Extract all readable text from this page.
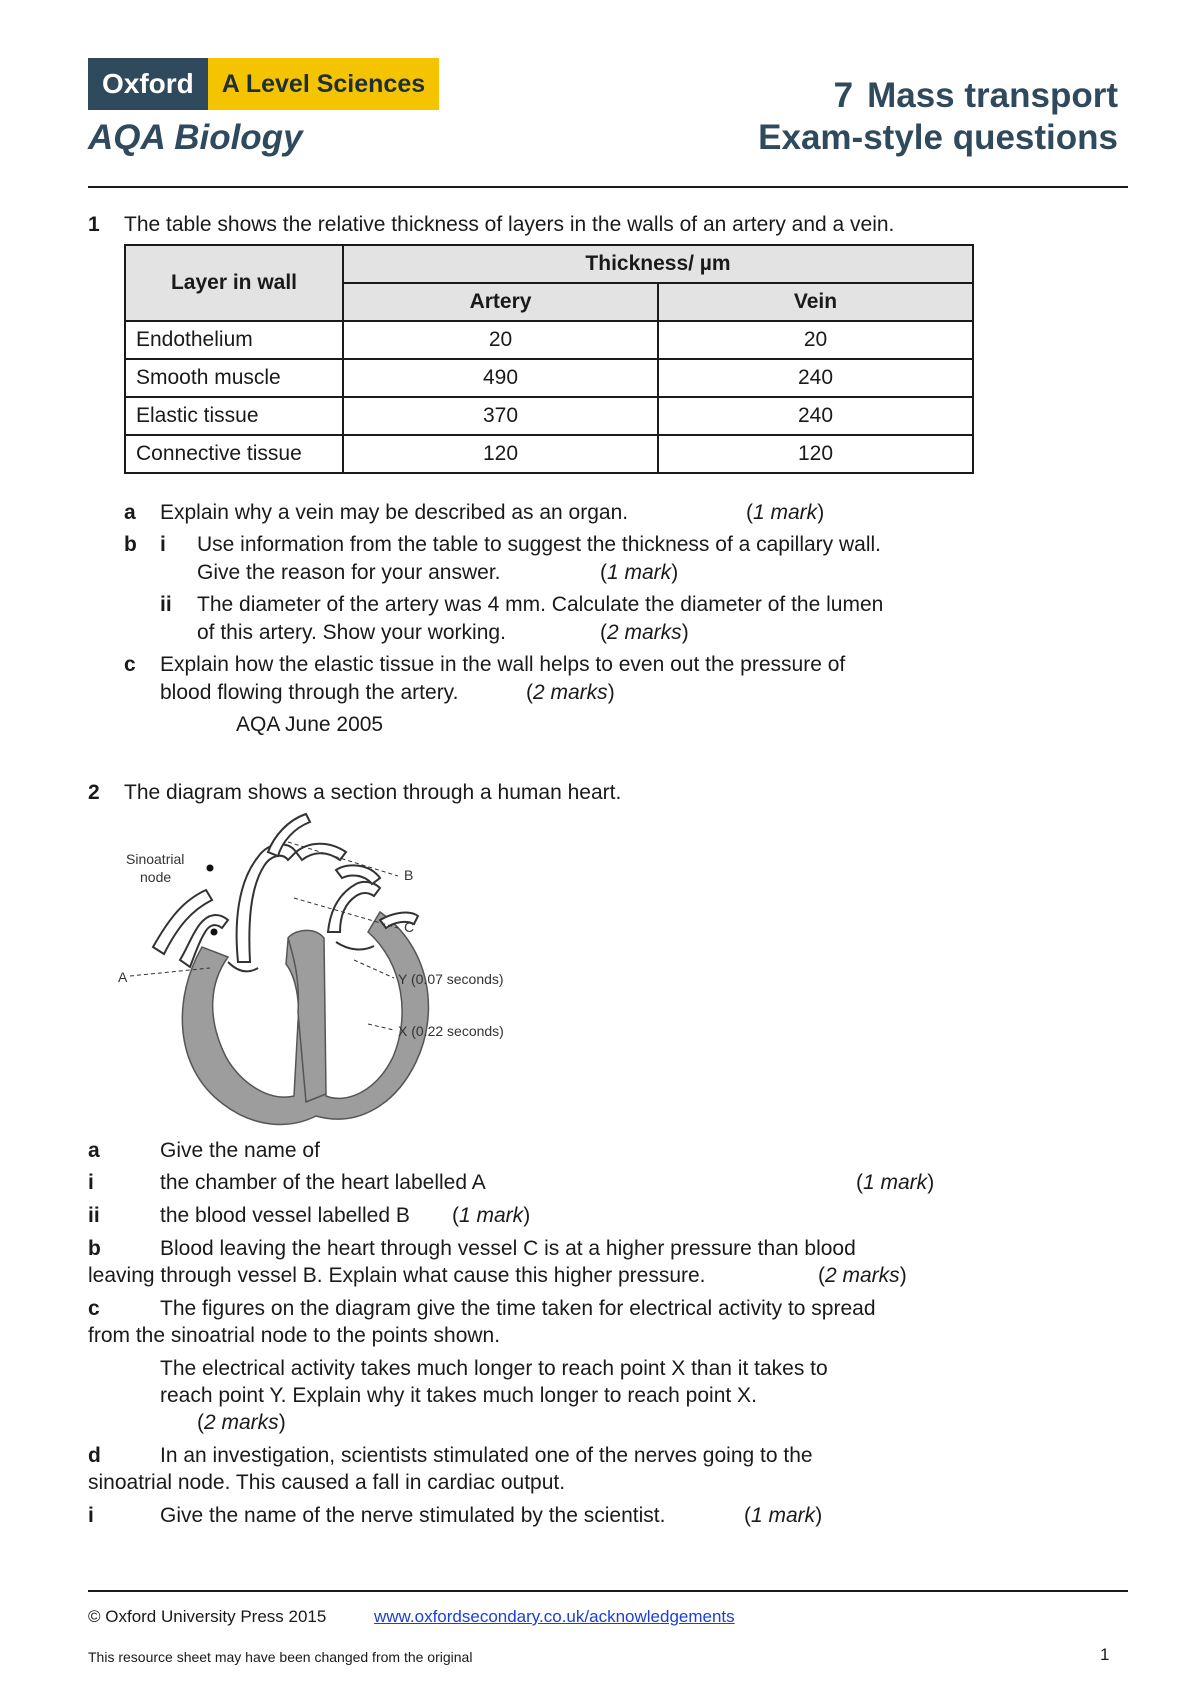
Oxford	A Level Sciences
AQA Biology
7 Mass transport
Exam-style questions
1 The table shows the relative thickness of layers in the walls of an artery and a vein.
Layer in wall	Thickness/ µm	
	Artery	Vein
Endothelium	20	20
Smooth muscle	490	240
Elastic tissue	370	240
Connective tissue	120	120
a Explain why a vein may be described as an organ.	(1 mark)
b i Use information from the table to suggest the thickness of a capillary wall.
Give the reason for your answer.	(1 mark)
ii The diameter of the artery was 4 mm. Calculate the diameter of the lumen
of this artery. Show your working.	(2 marks)
c Explain how the elastic tissue in the wall helps to even out the pressure of
blood flowing through the artery.	(2 marks)
AQA June 2005
2 The diagram shows a section through a human heart.
Sinoatrial
node
A
B
C
Y (0.07 seconds)
X (0.22 seconds)
a	Give the name of
i	the chamber of the heart labelled A	(1 mark)
ii	the blood vessel labelled B (1 mark)
b	Blood leaving the heart through vessel C is at a higher pressure than blood
leaving through vessel B. Explain what cause this higher pressure.	(2 marks)
c	The figures on the diagram give the time taken for electrical activity to spread
from the sinoatrial node to the points shown.
The electrical activity takes much longer to reach point X than it takes to
reach point Y. Explain why it takes much longer to reach point X.
(2 marks)
d	In an investigation, scientists stimulated one of the nerves going to the
sinoatrial node. This caused a fall in cardiac output.
i	Give the name of the nerve stimulated by the scientist.	(1 mark)
© Oxford University Press 2015	www.oxfordsecondary.co.uk/acknowledgements
This resource sheet may have been changed from the original	1
